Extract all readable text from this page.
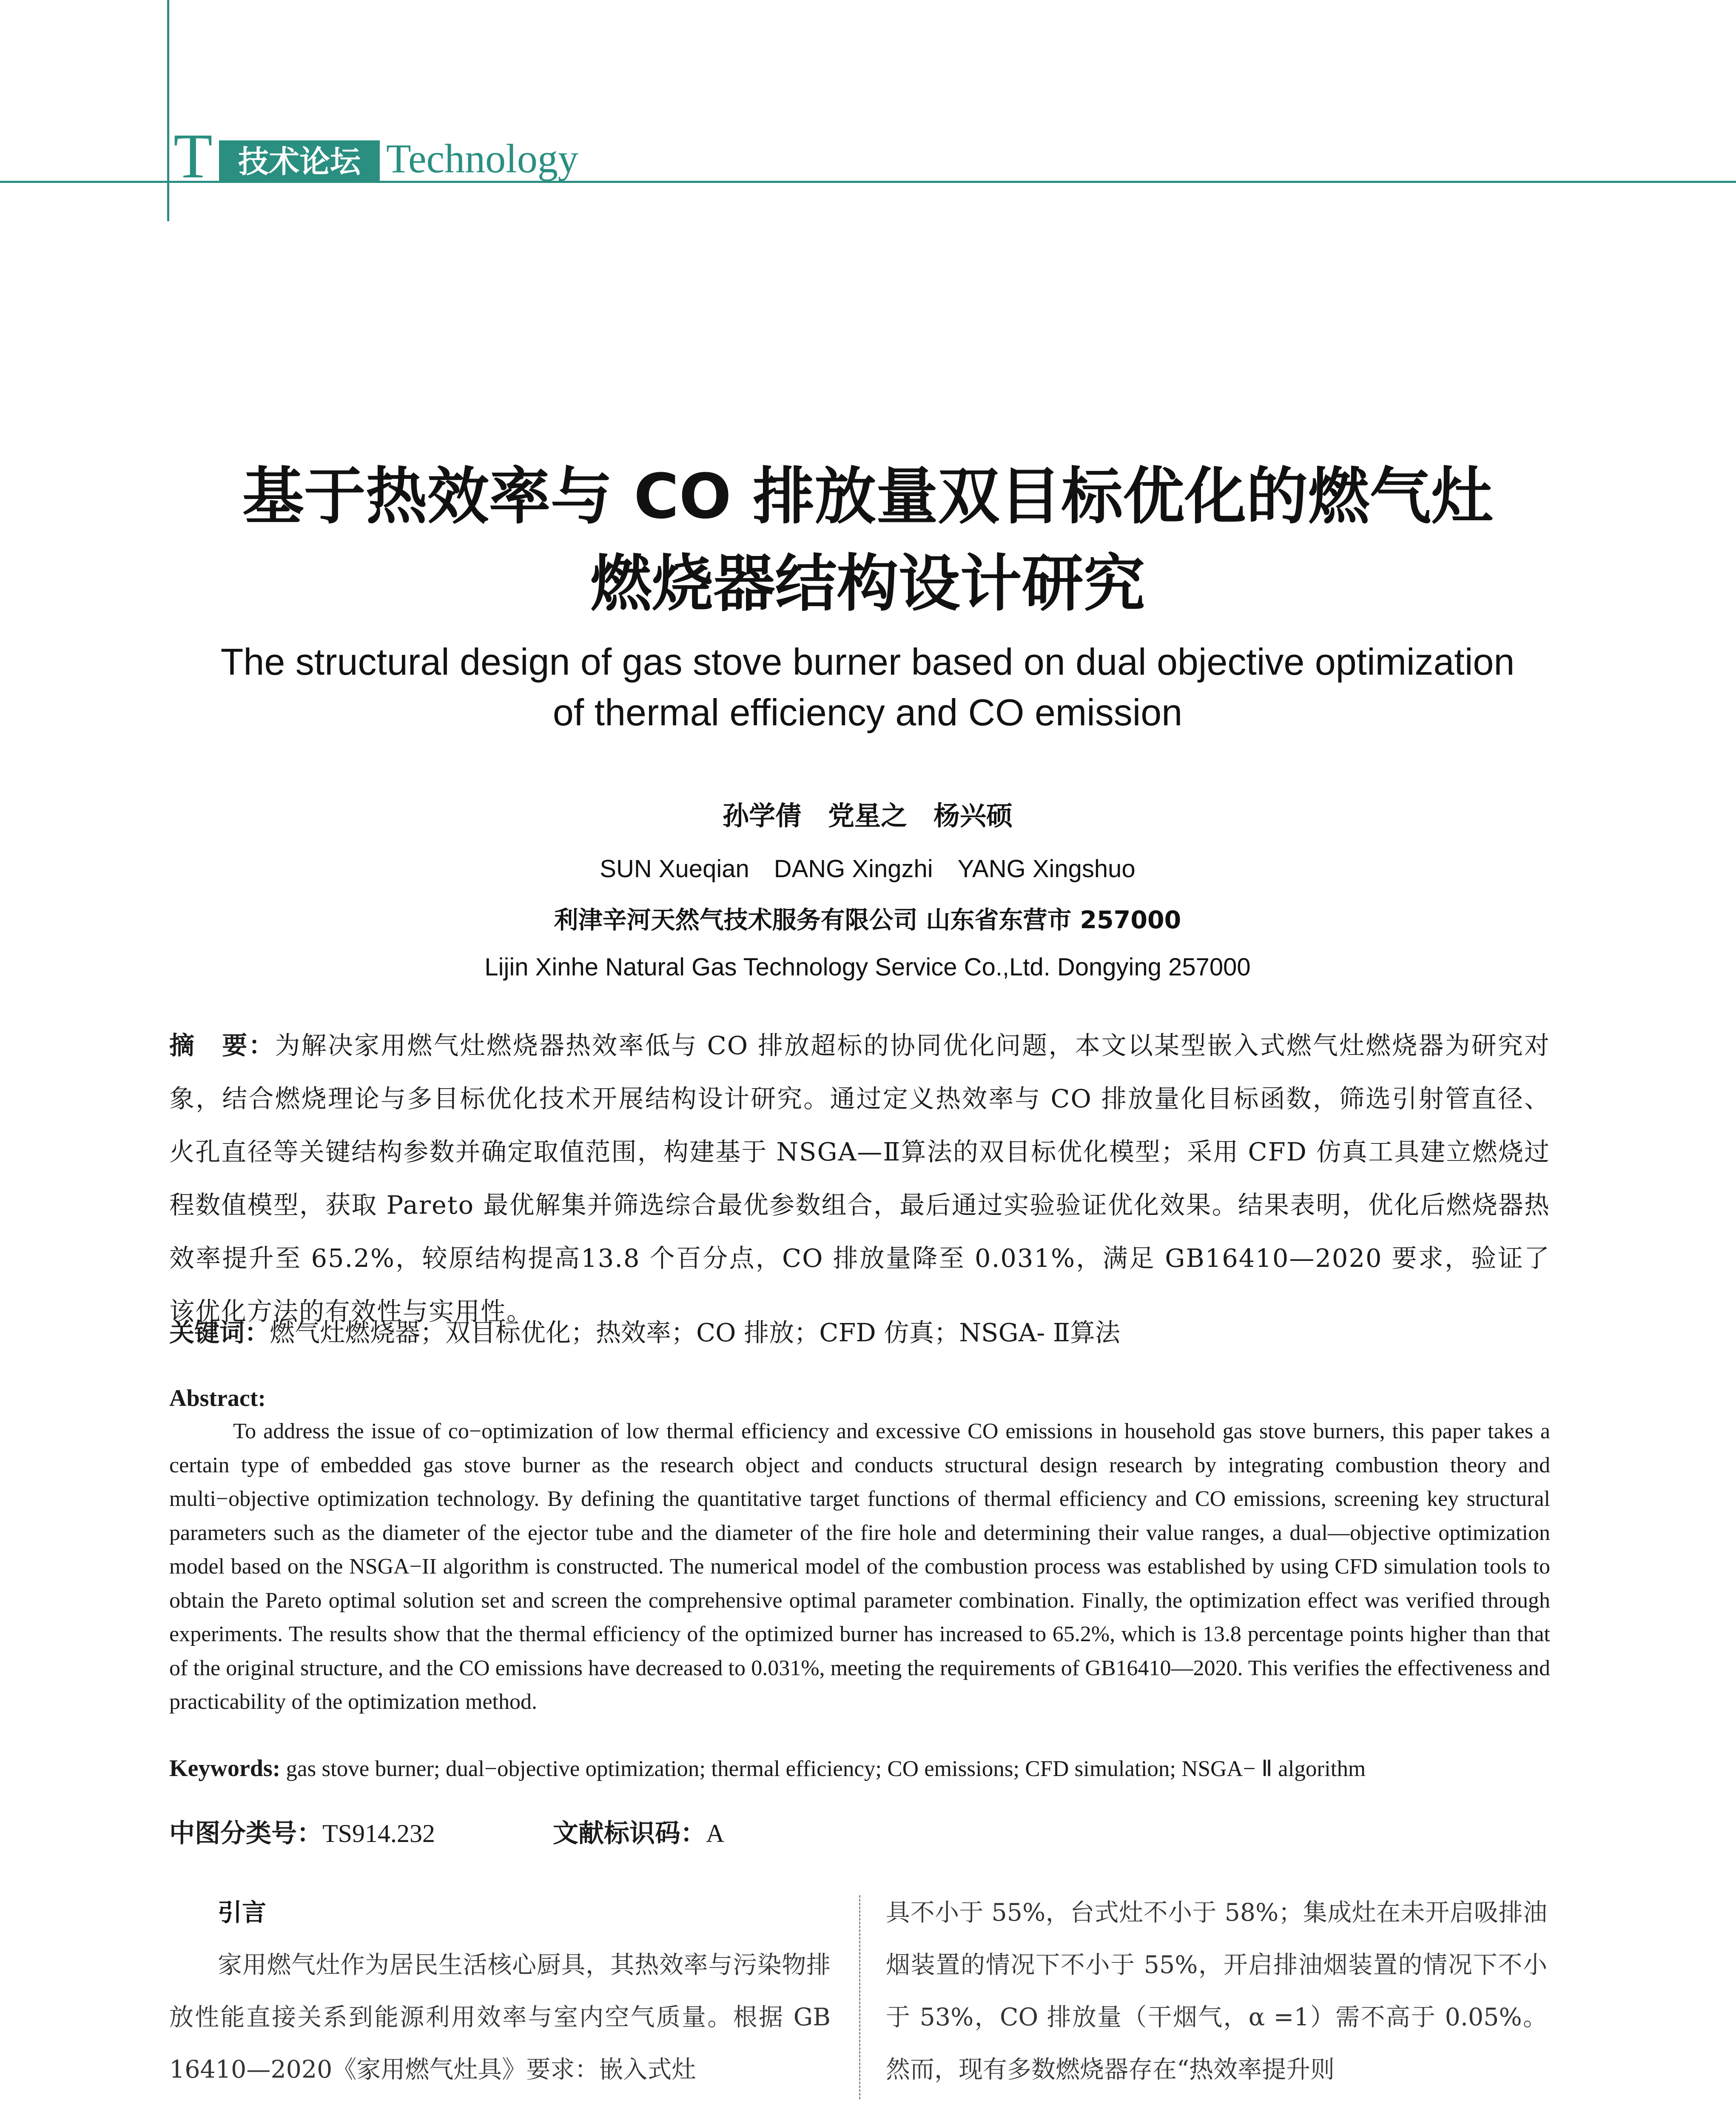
T 技术论坛 Technology
基于热效率与 CO 排放量双目标优化的燃气灶
燃烧器结构设计研究
The structural design of gas stove burner based on dual objective optimization
of thermal efficiency and CO emission
孙学倩　党星之　杨兴硕
SUN Xueqian　DANG Xingzhi　YANG Xingshuo
利津辛河天然气技术服务有限公司 山东省东营市 257000
Lijin Xinhe Natural Gas Technology Service Co.,Ltd. Dongying 257000
摘　要：为解决家用燃气灶燃烧器热效率低与 CO 排放超标的协同优化问题，本文以某型嵌入式燃气灶燃烧器为研究对象，结合燃烧理论与多目标优化技术开展结构设计研究。通过定义热效率与 CO 排放量化目标函数，筛选引射管直径、火孔直径等关键结构参数并确定取值范围，构建基于 NSGA—Ⅱ算法的双目标优化模型；采用 CFD 仿真工具建立燃烧过程数值模型，获取 Pareto 最优解集并筛选综合最优参数组合，最后通过实验验证优化效果。结果表明，优化后燃烧器热效率提升至 65.2%，较原结构提高13.8 个百分点，CO 排放量降至 0.031%，满足 GB16410—2020 要求，验证了该优化方法的有效性与实用性。
关键词：燃气灶燃烧器；双目标优化；热效率；CO 排放；CFD 仿真；NSGA- Ⅱ算法
Abstract:
To address the issue of co−optimization of low thermal efficiency and excessive CO emissions in household gas stove burners, this paper takes a certain type of embedded gas stove burner as the research object and conducts structural design research by integrating combustion theory and multi−objective optimization technology. By defining the quantitative target functions of thermal efficiency and CO emissions, screening key structural parameters such as the diameter of the ejector tube and the diameter of the fire hole and determining their value ranges, a dual—objective optimization model based on the NSGA−II algorithm is constructed. The numerical model of the combustion process was established by using CFD simulation tools to obtain the Pareto optimal solution set and screen the comprehensive optimal parameter combination. Finally, the optimization effect was verified through experiments. The results show that the thermal efficiency of the optimized burner has increased to 65.2%, which is 13.8 percentage points higher than that of the original structure, and the CO emissions have decreased to 0.031%, meeting the requirements of GB16410—2020. This verifies the effectiveness and practicability of the optimization method.
Keywords: gas stove burner; dual−objective optimization; thermal efficiency; CO emissions; CFD simulation; NSGA− Ⅱ algorithm
中图分类号：TS914.232	文献标识码：A
引言
家用燃气灶作为居民生活核心厨具，其热效率与污染物排放性能直接关系到能源利用效率与室内空气质量。根据 GB 16410—2020《家用燃气灶具》要求：嵌入式灶
具不小于 55%，台式灶不小于 58%；集成灶在未开启吸排油烟装置的情况下不小于 55%，开启排油烟装置的情况下不小于 53%，CO 排放量（干烟气，α =1）需不高于 0.05%。然而，现有多数燃烧器存在“热效率提升则
